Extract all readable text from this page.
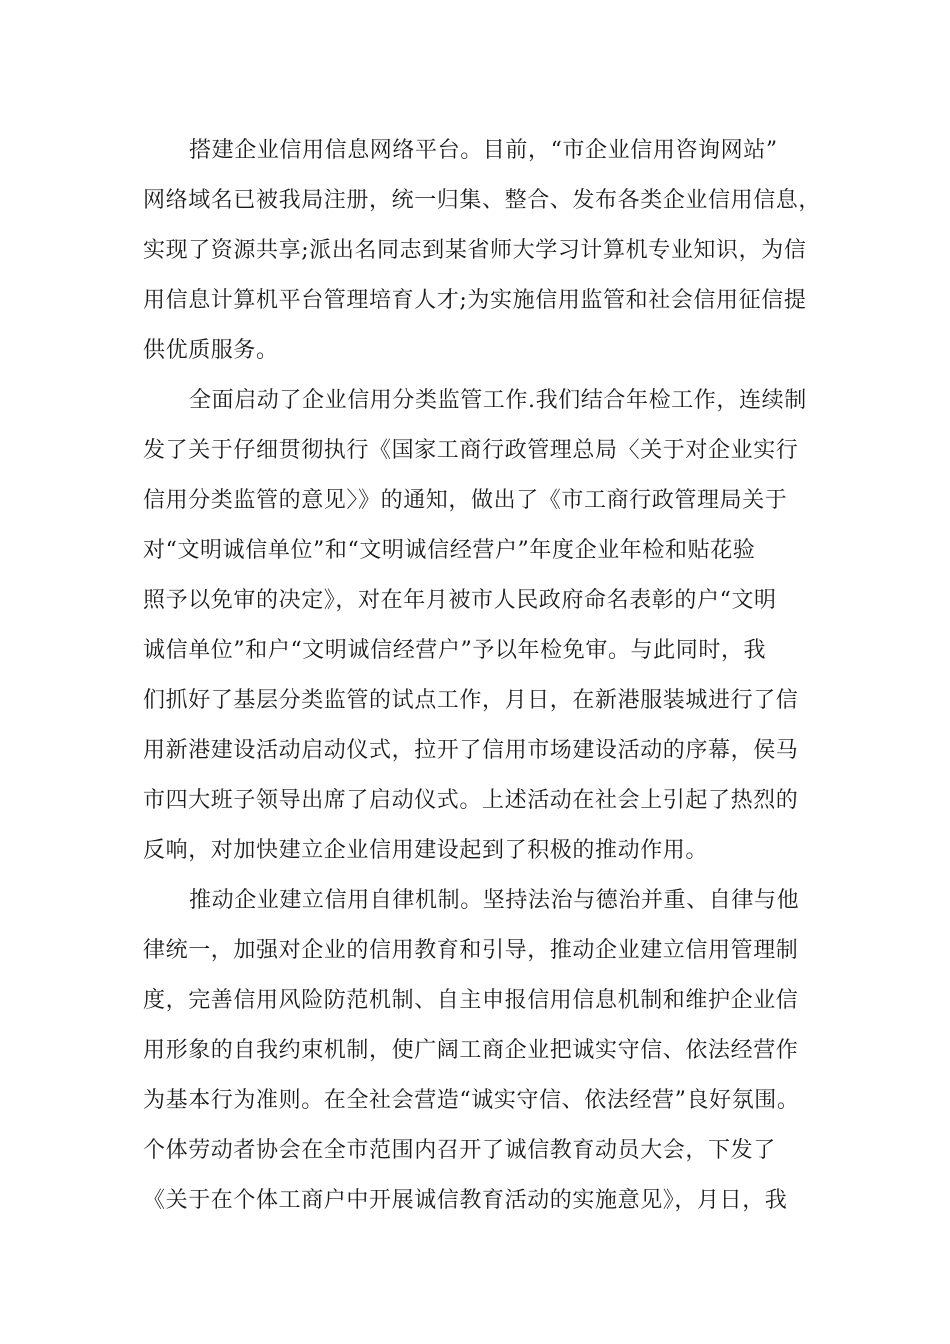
搭建企业信用信息网络平台。目前，“市企业信用咨询网站”
网络域名已被我局注册，统一归集、整合、发布各类企业信用信息，
实现了资源共享;派出名同志到某省师大学习计算机专业知识，为信
用信息计算机平台管理培育人才;为实施信用监管和社会信用征信提
供优质服务。
全面启动了企业信用分类监管工作.我们结合年检工作，连续制
发了关于仔细贯彻执行《国家工商行政管理总局〈关于对企业实行
信用分类监管的意见〉》的通知，做出了《市工商行政管理局关于
对“文明诚信单位”和“文明诚信经营户”年度企业年检和贴花验
照予以免审的决定》，对在年月被市人民政府命名表彰的户“文明
诚信单位”和户“文明诚信经营户”予以年检免审。与此同时，我
们抓好了基层分类监管的试点工作，月日，在新港服装城进行了信
用新港建设活动启动仪式，拉开了信用市场建设活动的序幕，侯马
市四大班子领导出席了启动仪式。上述活动在社会上引起了热烈的
反响，对加快建立企业信用建设起到了积极的推动作用。
推动企业建立信用自律机制。坚持法治与德治并重、自律与他
律统一，加强对企业的信用教育和引导，推动企业建立信用管理制
度，完善信用风险防范机制、自主申报信用信息机制和维护企业信
用形象的自我约束机制，使广阔工商企业把诚实守信、依法经营作
为基本行为准则。在全社会营造“诚实守信、依法经营”良好氛围。
个体劳动者协会在全市范围内召开了诚信教育动员大会，下发了
《关于在个体工商户中开展诚信教育活动的实施意见》，月日，我
